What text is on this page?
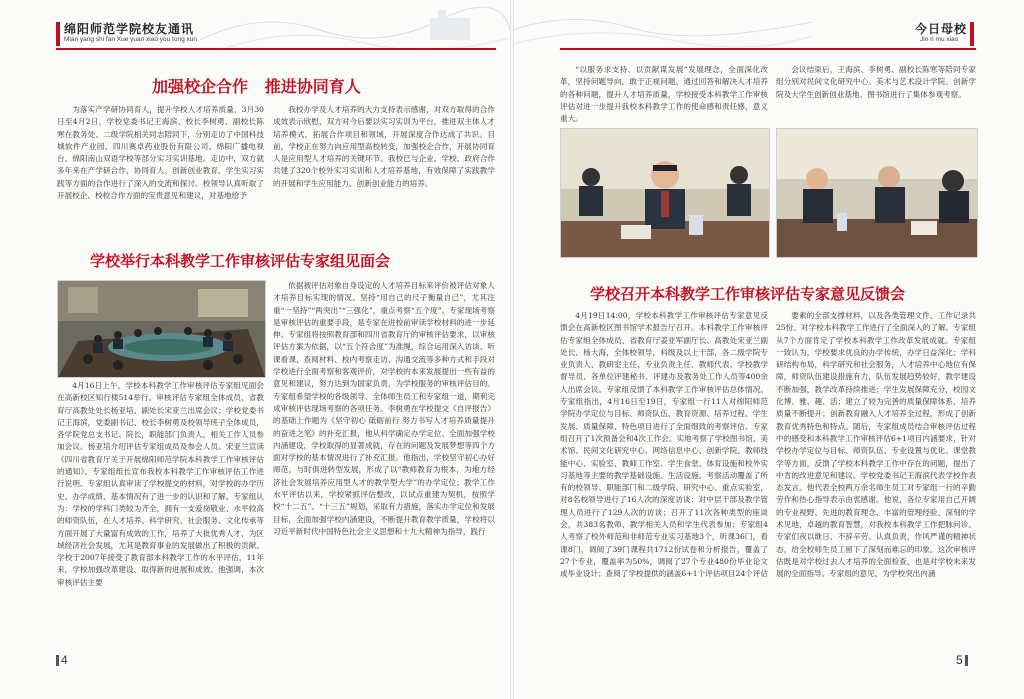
绵阳师范学院校友通讯
Mian yang shi fan Xue yuan xiao you tong xun
加强校企合作 推进协同育人

为落实产学研协同育人，提升学校人才培养质量，3月30日至4月2日，学校党委书记王海滨、校长李树勇、副校长陈寒在教务处、二级学院相关同志陪同下，分别走访了中国科技城软件产业园、四川赛卓药业股份有限公司、绵阳广播电视台、绵阳南山双语学校等部分实习实训基地。走访中，双方就多年来在产学研合作、协同育人、创新创业教育、学生实习实践等方面的合作进行了深入的交流和探讨。校领导认真听取了开展校企、校校合作方面的宝贵意见和建议，对基地给予

我校办学及人才培养的大力支持表示感谢，对双方取得的合作成效表示欣慰，双方对今后要以实习实训为平台，推进双主体人才培养模式，拓展合作项目和领域，开展深度合作达成了共识。目前，学校正在努力向应用型高校转变，加强校企合作，开展协同育人是应用型人才培养的关键环节。我校已与企业、学校、政府合作共建了320个校外实习实训和人才培养基地，有效保障了实践教学的开展和学生应用能力、创新创业能力的培养。

学校举行本科教学工作审核评估专家组见面会

4月16日上午，学校本科教学工作审核评估专家组见面会在高新校区知行楼514举行。审核评估专家组全体成员，省教育厅高教处处长杨亚培、副处长宋亚兰出席会议；学校党委书记王海滨，党委副书记、校长李树勇及校领导班子全体成员，各学院党总支书记、院长，职能部门负责人，相关工作人员参加会议。杨亚培介绍评估专家组成员及参会人员。宋亚兰宣读《四川省教育厅关于开展绵阳师范学院本科教学工作审核评估的通知》。专家组组长宣布我校本科教学工作审核评估工作进行说明。专家组认真审读了学校提交的材料，对学校的办学历史、办学成绩、基本情况有了进一步的认识和了解。专家组认为：学校的学科门类较为齐全，拥有一支爱岗敬业、水平较高的师资队伍，在人才培养、科学研究、社会服务、文化传承等方面开展了大量富有成效的工作，培养了大批优秀人才，为区域经济社会发展，尤其是教育事业的发展做出了积极的贡献。学校于2007年接受了教育部本科教学工作的水平评估，11年来，学校加强改革建设，取得新的进展和成效。他强调，本次审核评估主要

依据被评估对象自身设定的人才培养目标来评价被评估对象人才培养目标实现的情况。坚持“用自己的尺子衡量自己”，尤其注重“一坚持”“两突出”“三强化”，重点考察“五个度”。专家现场考察是审核评估的重要手段，是专家在进校前审读学校材料的进一步延伸。专家组将按照教育部和四川省教育厅的审核评估要求，以审核评估方案为依据，以“五个符合度”为准绳，综合运用深入访谈、听课看课、查阅材料、校内考察走访、沟通交流等多种方式和手段对学校进行全面考察和客观评价，对学校的本来发展提出一些有益的意见和建议，努力达到为国家负责，为学校服务的审核评估目的。专家组希望学校的各级领导、全体师生员工和专家组一道，期利完成审核评估现场考察的各项任务。李树勇在学校提交《自评报告》的基础上作题为《坚守初心 砥砺前行 努力书写人才培养质量提升的奋进之笔》的补充汇报，他从科学确定办学定位、全面加强学校内涵建设，学校取得的显著成就，存在的问题及发展梦想等四个方面对学校的基本情况进行了补充汇报。他指出，学校坚守初心办好师范，与时俱进转型发展，形成了以“教师教育为根本，为地方经济社会发展培养应用型人才的教学型大学”的办学定位；教学工作水平评估以来，学校紧抓评估整改，以试点重建为契机，按照学校“十二五”、“十三五”规划，采取有力措施，落实办学定位和发展目标，全面加强学校内涵建设，不断提升教育教学质量，学校将以习近平新时代中国特色社会主义思想和十九大精神为指导，践行

4
今日母校
Jin ri mu xiao

“以服务求支持、以贡献谋发展”发展理念，全面深化改革，坚持问题导向，敢于正视问题、通过回答和解决人才培养的各种问题，提升人才培养质量，学校接受本科教学工作审核评估对进一步提升我校本科教学工作的使命感和责任感，意义重大。

会议结束后，王海滨、李树勇、副校长陈寒等陪同专家组分别对民间文化研究中心、美术与艺术设计学院、创新学院及大学生创新创业基地、图书馆进行了集体参观考察。

学校召开本科教学工作审核评估专家意见反馈会

4月19日14:00，学校本科教学工作审核评估专家意见反馈会在高新校区图书馆学术报告厅召开。本科教学工作审核评估专家组全体成员、省教育厅姜亚军副厅长、高教处宋亚兰副处长、杨大海，全体校领导，科级及以上干部，各二级学院专业负责人、教研室主任、专业负责主任、教师代表、学校教学督导员、各单位评建秘书、评建办及教务处工作人员等400余人出席会议。专家组反馈了本科教学工作审核评估总体情况。专家组指出，4月16日至19日，专家组一行11人对绵阳师范学院办学定位与目标、师资队伍、教育资源、培养过程、学生发展、质量保障、特色项目进行了全面细致的考察评估。专家组召开了1次预备会和4次工作会。实地考察了学校图书馆、美术馆、民间文化研究中心、网络信息中心、创新学院、教师技能中心、实验室、教师工作室、学生食堂、体育设施和校外实习基地等主要的教学基础设施、生活设施。考察活动覆盖了所有的校领导、职能部门和二级学院、研究中心、重点实验室，对8名校领导进行了16人次的深度访谈；对中层干部及教学管理人员进行了129人次的访谈；召开了11次各种类型的座谈会，共383名教师、教学相关人员和学生代表参加；专家组4人考察了校外师范和非师范专业实习基地3个，听课36门，看课8门，调阅了39门课程共1712份试卷和分析报告，覆盖了27个专业，覆盖率为50%，调阅了27个专业480份毕业论文或毕业设计；查阅了学校提供的涵盖6+1个评估项目24个评估

要素的全部支撑材料，以及各类管理文件、工作记录共25份。对学校本科教学工作进行了全面深入的了解。专家组从7个方面肯定了学校本科教学工作改革发展成就。专家组一致认为，学校要求优良的办学传统，办学日益深化；学科研结构布局，科学研究和社会服务，人才培养中心地位有保障，师资队伍建设措施有力，队伍发展趋势较好，教学建设不断加强，教学改革持续推进；学生发展保障充分，校园文化博、雅、趣、活；建立了较为完善的质量保障体系，培养质量不断提升；创新教育融入人才培养全过程，形成了创新教育优秀特色和特点。随后，专家组成员结合审核评估过程中的感受和本科教学工作审核评估6+1项目内涵要求，针对学校办学定位与目标、师资队伍、专业设置与优化、课堂教学等方面，反馈了学校本科教学工作中存在的问题，提出了中肯的改进意见和建议。学校党委书记王海滨代表学校作表态发言。他代表全校两万余名师生员工对专家组一行的辛勤劳作和热心指导表示由衷感谢。他说，各位专家用自己开阔的专业视野、先进的教育理念、丰富的管理经验、深刻的学术见地，卓越的教育智慧，对我校本科教学工作把脉问诊。专家们夜以继日、不辞辛劳、认真负责，作风严谨的精神状态，给全校师生员工留下了深刻而难忘的印象。这次审核评估既是对学校过去人才培养的全面检查，也是对学校未来发展的全面指导。专家组的意见，为学校突出内涵

5
